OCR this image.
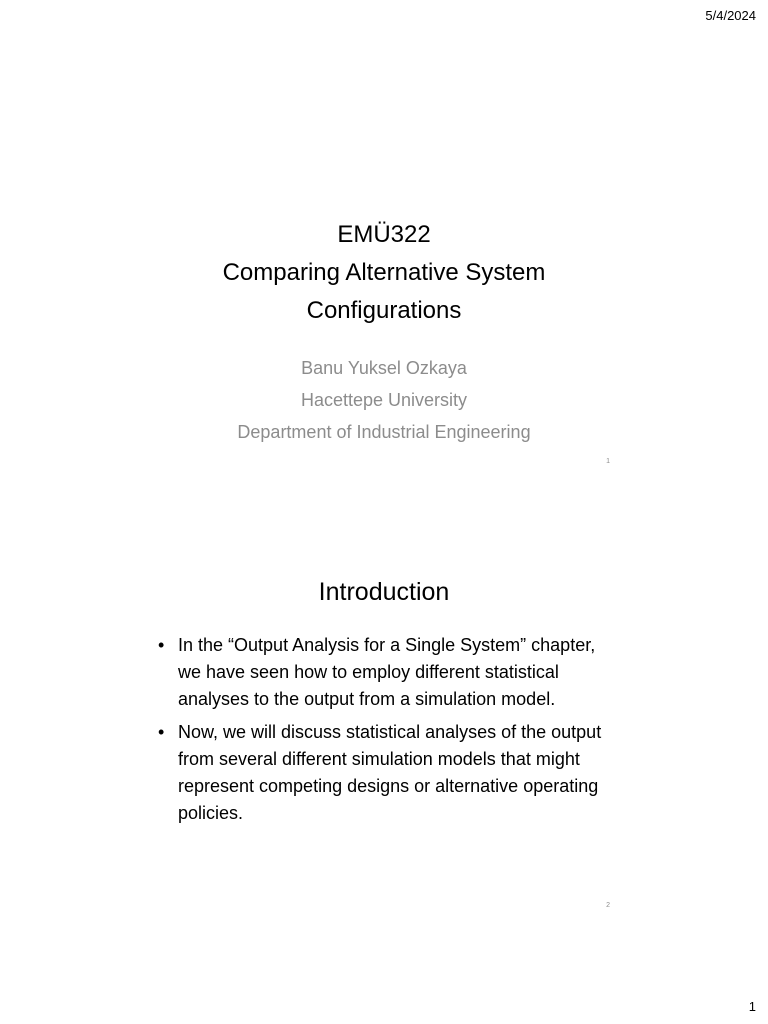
5/4/2024
EMÜ322
Comparing Alternative System
Configurations
Banu Yuksel Ozkaya
Hacettepe University
Department of Industrial Engineering
1
Introduction
• In the “Output Analysis for a Single System” chapter, we have seen how to employ different statistical analyses to the output from a simulation model.
• Now, we will discuss statistical analyses of the output from several different simulation models that might represent competing designs or alternative operating policies.
2
1
